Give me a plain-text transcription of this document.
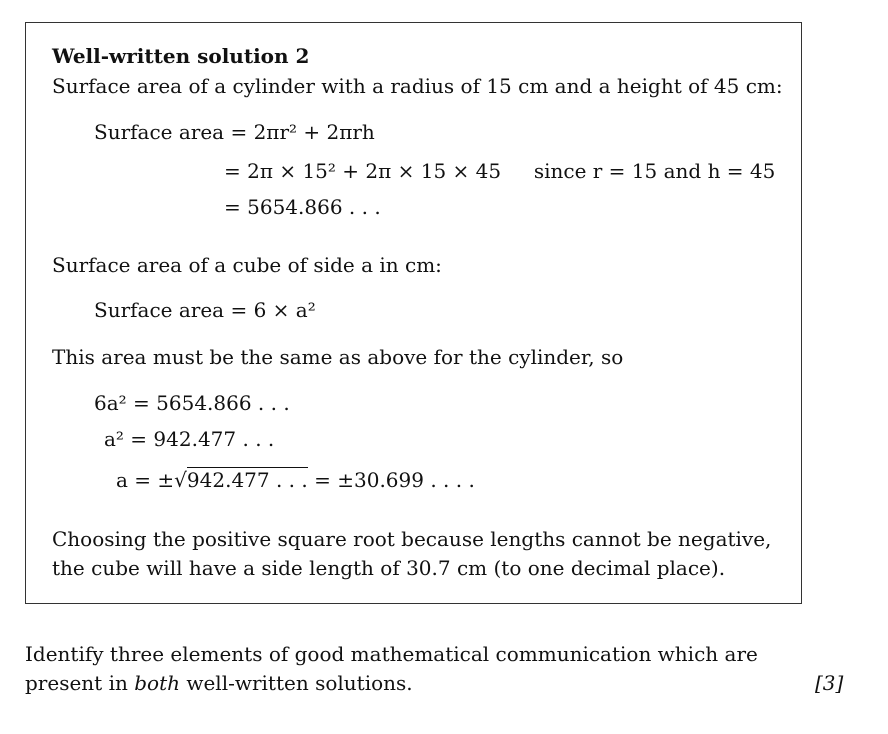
Well-written solution 2
Surface area of a cylinder with a radius of 15 cm and a height of 45 cm:
Surface area = 2πr² + 2πrh
= 2π × 15² + 2π × 15 × 45 since r = 15 and h = 45
= 5654.866 . . .
Surface area of a cube of side a in cm:
Surface area = 6 × a²
This area must be the same as above for the cylinder, so
6a² = 5654.866 . . .
a² = 942.477 . . .
a = ±√942.477 . . . = ±30.699 . . . .
Choosing the positive square root because lengths cannot be negative,
the cube will have a side length of 30.7 cm (to one decimal place).
Identify three elements of good mathematical communication which are
present in both well-written solutions.	[3]
